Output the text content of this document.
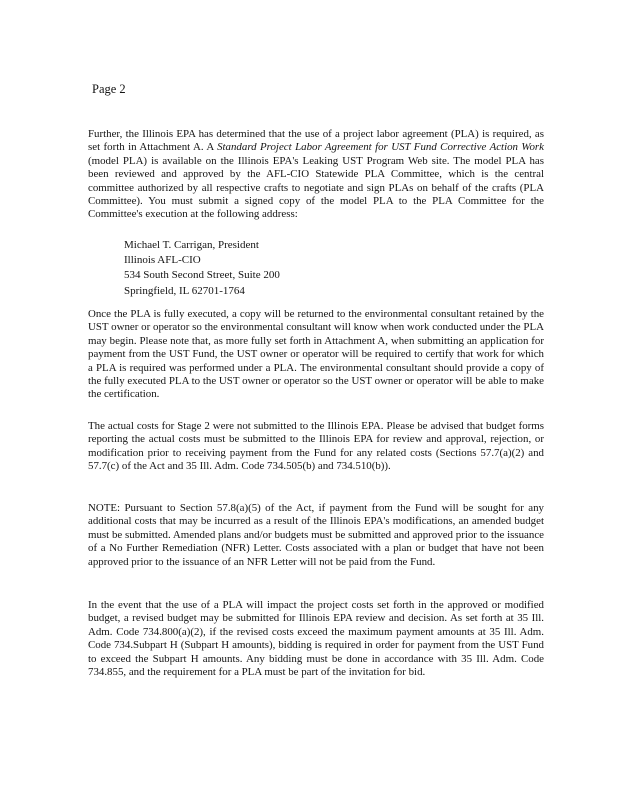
Page 2

Further, the Illinois EPA has determined that the use of a project labor agreement (PLA) is required, as set forth in Attachment A. A Standard Project Labor Agreement for UST Fund Corrective Action Work (model PLA) is available on the Illinois EPA's Leaking UST Program Web site. The model PLA has been reviewed and approved by the AFL-CIO Statewide PLA Committee, which is the central committee authorized by all respective crafts to negotiate and sign PLAs on behalf of the crafts (PLA Committee). You must submit a signed copy of the model PLA to the PLA Committee for the Committee's execution at the following address:

Michael T. Carrigan, President
Illinois AFL-CIO
534 South Second Street, Suite 200
Springfield, IL 62701-1764

Once the PLA is fully executed, a copy will be returned to the environmental consultant retained by the UST owner or operator so the environmental consultant will know when work conducted under the PLA may begin. Please note that, as more fully set forth in Attachment A, when submitting an application for payment from the UST Fund, the UST owner or operator will be required to certify that work for which a PLA is required was performed under a PLA. The environmental consultant should provide a copy of the fully executed PLA to the UST owner or operator so the UST owner or operator will be able to make the certification.

The actual costs for Stage 2 were not submitted to the Illinois EPA. Please be advised that budget forms reporting the actual costs must be submitted to the Illinois EPA for review and approval, rejection, or modification prior to receiving payment from the Fund for any related costs (Sections 57.7(a)(2) and 57.7(c) of the Act and 35 Ill. Adm. Code 734.505(b) and 734.510(b)).

NOTE: Pursuant to Section 57.8(a)(5) of the Act, if payment from the Fund will be sought for any additional costs that may be incurred as a result of the Illinois EPA's modifications, an amended budget must be submitted. Amended plans and/or budgets must be submitted and approved prior to the issuance of a No Further Remediation (NFR) Letter. Costs associated with a plan or budget that have not been approved prior to the issuance of an NFR Letter will not be paid from the Fund.

In the event that the use of a PLA will impact the project costs set forth in the approved or modified budget, a revised budget may be submitted for Illinois EPA review and decision. As set forth at 35 Ill. Adm. Code 734.800(a)(2), if the revised costs exceed the maximum payment amounts at 35 Ill. Adm. Code 734.Subpart H (Subpart H amounts), bidding is required in order for payment from the UST Fund to exceed the Subpart H amounts. Any bidding must be done in accordance with 35 Ill. Adm. Code 734.855, and the requirement for a PLA must be part of the invitation for bid.
